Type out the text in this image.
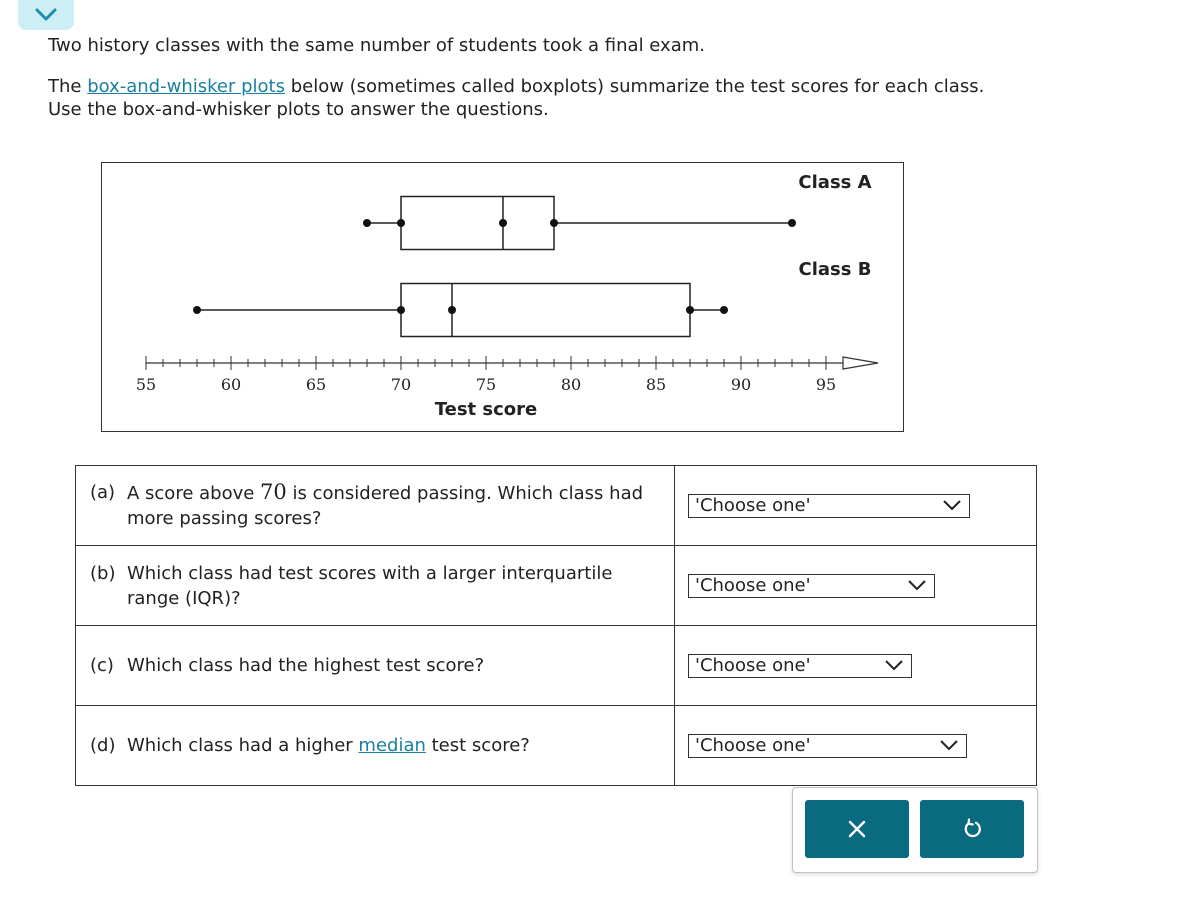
Two history classes with the same number of students took a final exam.

The box-and-whisker plots below (sometimes called boxplots) summarize the test scores for each class.

Use the box-and-whisker plots to answer the questions.

55	60	65	70	75	80	85	90	95
Test score
Class A
Class B
(a) A score above 70 is considered passing. Which class had more passing scores?	'Choose one'

(b) Which class had test scores with a larger interquartile range (IQR)?	'Choose one'

(c) Which class had the highest test score?	'Choose one'

(d) Which class had a higher median test score?	'Choose one'
